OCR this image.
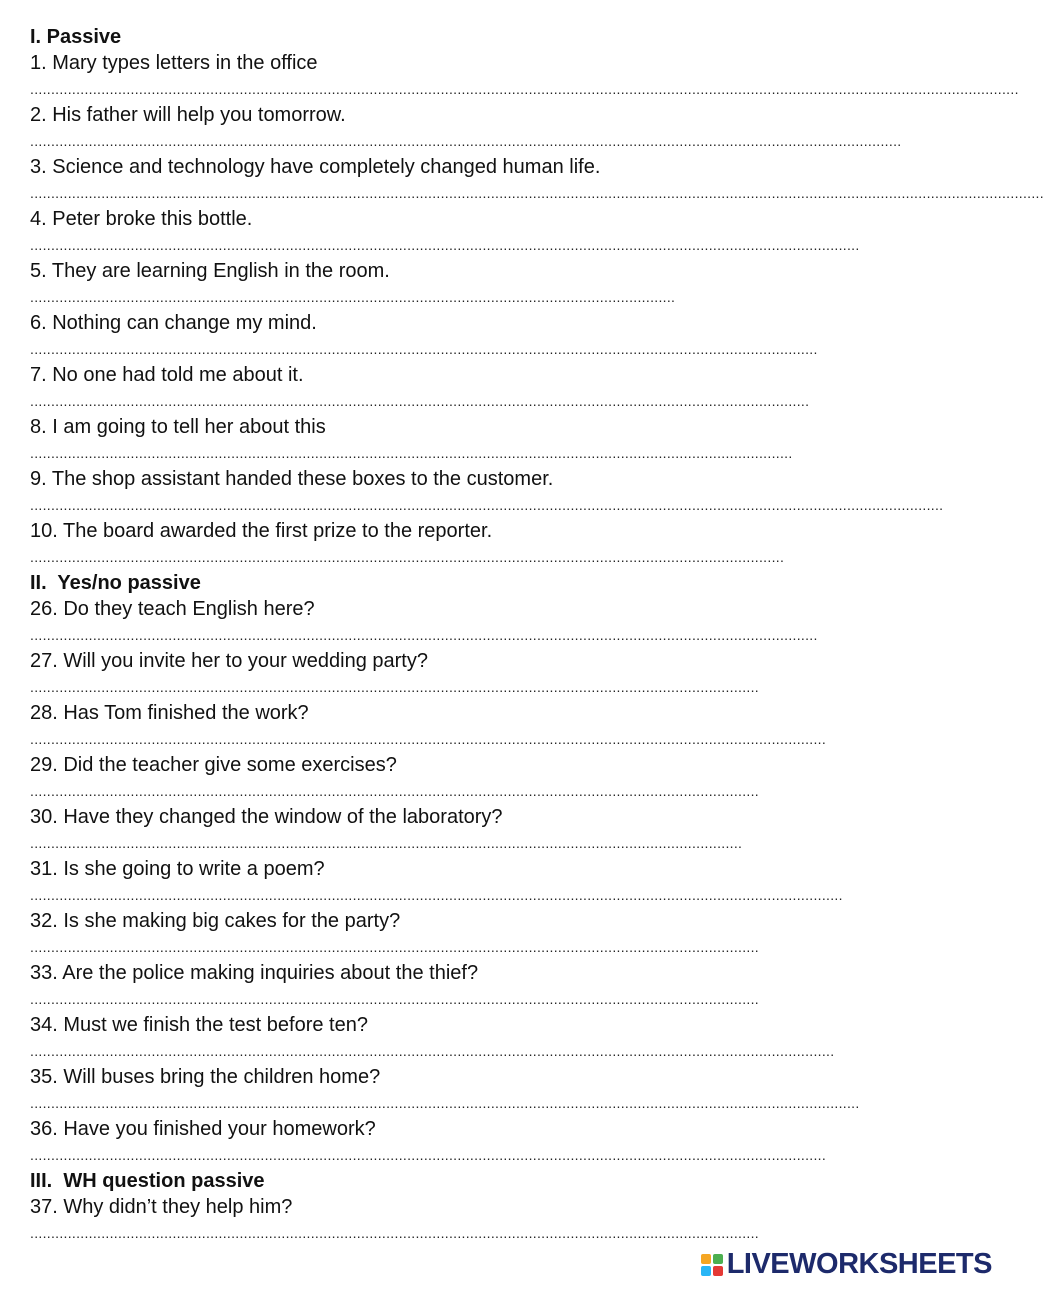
I. Passive
1. Mary types letters in the office
............................................................................................................................................................................................................................................
2. His father will help you tomorrow.
................................................................................................................................................................................................................
3. Science and technology have completely changed human life.
..................................................................................................................................................................................................................................................
4. Peter broke this bottle.
......................................................................................................................................................................................................
5. They are learning English in the room.
..........................................................................................................................................................
6. Nothing can change my mind.
............................................................................................................................................................................................
7. No one had told me about it.
..........................................................................................................................................................................................
8. I am going to tell her about this
......................................................................................................................................................................................
9. The shop assistant handed these boxes to the customer.
..........................................................................................................................................................................................................................
10. The board awarded the first prize to the reporter.
....................................................................................................................................................................................
II.  Yes/no passive
26. Do they teach English here?
............................................................................................................................................................................................
27. Will you invite her to your wedding party?
..............................................................................................................................................................................
28. Has Tom finished the work?
..............................................................................................................................................................................................
29. Did the teacher give some exercises?
..............................................................................................................................................................................
30. Have they changed the window of the laboratory?
..........................................................................................................................................................................
31. Is she going to write a poem?
..................................................................................................................................................................................................
32. Is she making big cakes for the party?
..............................................................................................................................................................................
33. Are the police making inquiries about the thief?
..............................................................................................................................................................................
34. Must we finish the test before ten?
................................................................................................................................................................................................
35. Will buses bring the children home?
......................................................................................................................................................................................................
36. Have you finished your homework?
..............................................................................................................................................................................................
III.  WH question passive
37. Why didn’t they help him?
..............................................................................................................................................................................
LIVEWORKSHEETS
